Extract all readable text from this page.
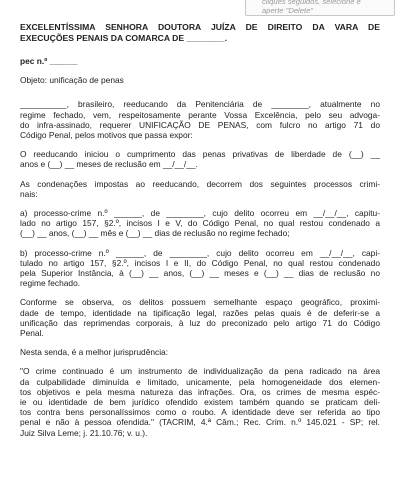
cliques seguidos, selecione e
aperte "Delete"
EXCELENTÍSSIMA SENHORA DOUTORA JUÍZA DE DIREITO DA VARA DE
EXECUÇÕES PENAIS DA COMARCA DE ________.
pec n.º ______
Objeto: unificação de penas
__________, brasileiro, reeducando da Penitenciária de ________, atualmente no
regime fechado, vem, respeitosamente perante Vossa Excelência, pelo seu advoga-
do infra-assinado, requerer UNIFICAÇÃO DE PENAS, com fulcro no artigo 71 do
Código Penal, pelos motivos que passa expor:
O reeducando iniciou o cumprimento das penas privativas de liberdade de (__) __
anos e (__) __ meses de reclusão em __/__/__.
As condenações impostas ao reeducando, decorrem dos seguintes processos crimi-
nais:
a) processo-crime n.º ______, de ________, cujo delito ocorreu em __/__/__, capitu-
lado no artigo 157, §2.º, incisos I e V, do Código Penal, no qual restou condenado a
(__) __ anos, (__) __ mês e (__) __ dias de reclusão no regime fechado;
b) processo-crime n.º ______, de ________, cujo delito ocorreu em __/__/__, capi-
tulado no artigo 157, §2.º, incisos I e II, do Código Penal, no qual restou condenado
pela Superior Instância, à (__) __ anos, (__) __ meses e (__) __ dias de reclusão no
regime fechado.
Conforme se observa, os delitos possuem semelhante espaço geográfico, proximi-
dade de tempo, identidade na tipificação legal, razões pelas quais é de deferir-se a
unificação das reprimendas corporais, à luz do preconizado pelo artigo 71 do Código
Penal.
Nesta senda, é a melhor jurisprudência:
"O crime continuado é um instrumento de individualização da pena radicado na área
da culpabilidade diminuída e limitado, unicamente, pela homogeneidade dos elemen-
tos objetivos e pela mesma natureza das infrações. Ora, os crimes de mesma espéc-
ie ou identidade de bem jurídico ofendido existem também quando se praticam deli-
tos contra bens personalíssimos como o roubo. A identidade deve ser referida ao tipo
penal e não à pessoa ofendida." (TACRIM, 4.ª Câm.; Rec. Crim. n.º 145.021 - SP; rel.
Juiz Silva Leme; j. 21.10.76; v. u.).
